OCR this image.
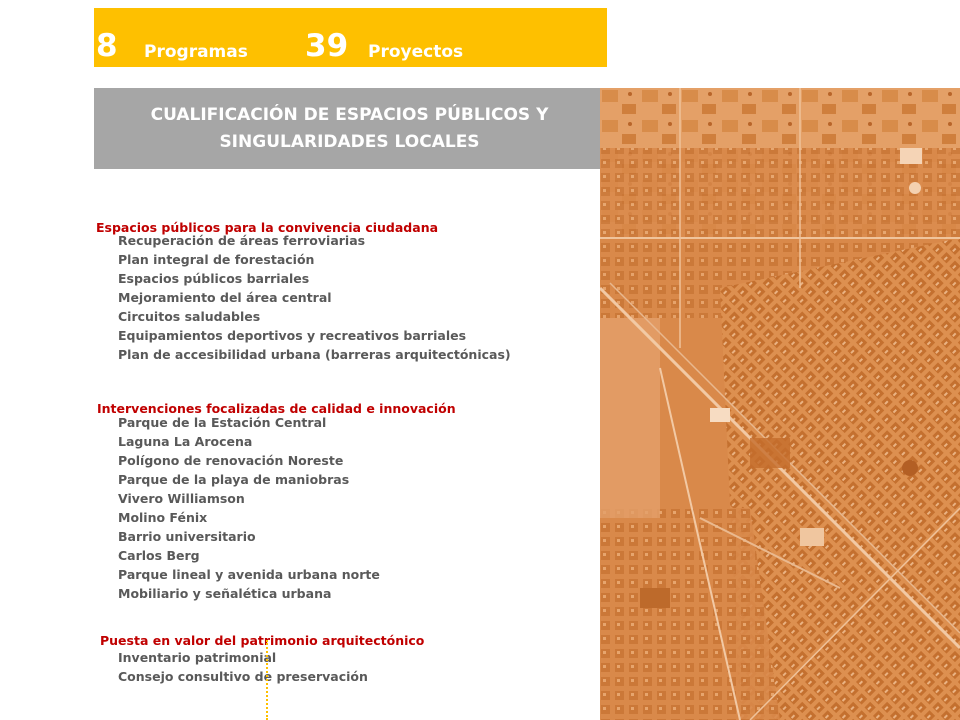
8 Programas 39 Proyectos
CUALIFICACIÓN DE ESPACIOS PÚBLICOS Y
SINGULARIDADES LOCALES
Espacios públicos para la convivencia ciudadana
Recuperación de áreas ferroviarias
Plan integral de forestación
Espacios públicos barriales
Mejoramiento del área central
Circuitos saludables
Equipamientos deportivos y recreativos barriales
Plan de accesibilidad urbana (barreras arquitectónicas)
Intervenciones focalizadas de calidad e innovación
Parque de la Estación Central
Laguna La Arocena
Polígono de renovación Noreste
Parque de la playa de maniobras
Vivero Williamson
Molino Fénix
Barrio universitario
Carlos Berg
Parque lineal y avenida urbana norte
Mobiliario y señalética urbana
Puesta en valor del patrimonio arquitectónico
Inventario patrimonial
Consejo consultivo de preservación
